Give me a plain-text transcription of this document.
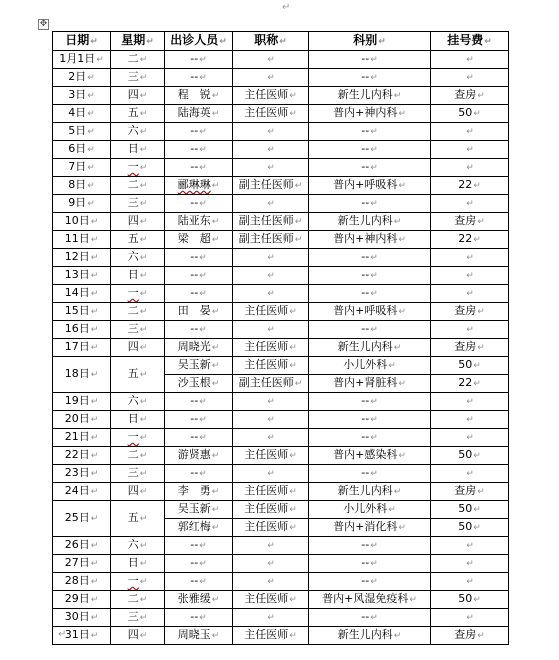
↵
✥
日期↵	星期↵	出诊人员↵	职称↵	科别↵	挂号费↵
1月1日↵	二↵	--↵	↵	--↵	↵
2日↵	三↵	--↵	↵	--↵	↵
3日↵	四↵	程　锐↵	主任医师↵	新生儿内科↵	查房↵
4日↵	五↵	陆海英↵	主任医师↵	普内+神内科↵	50↵
5日↵	六↵	--↵	↵	--↵	↵
6日↵	日↵	--↵	↵	--↵	↵
7日↵	一↵	--↵	↵	--↵	↵
8日↵	二↵	郦琳琳↵	副主任医师↵	普内+呼吸科↵	22↵
9日↵	三↵	--↵	↵	--↵	↵
10日↵	四↵	陆亚东↵	副主任医师↵	新生儿内科↵	查房↵
11日↵	五↵	梁　超↵	副主任医师↵	普内+神内科↵	22↵
12日↵	六↵	--↵	↵	--↵	↵
13日↵	日↵	--↵	↵	--↵	↵
14日↵	一↵	--↵	↵	--↵	↵
15日↵	二↵	田　晏↵	主任医师↵	普内+呼吸科↵	查房↵
16日↵	三↵	--↵	↵	--↵	↵
17日↵	四↵	周晓光↵	主任医师↵	新生儿内科↵	查房↵
18日↵	五↵	吴玉新↵	主任医师↵	小儿外科↵	50↵
		沙玉根↵	副主任医师↵	普内+肾脏科↵	22↵
19日↵	六↵	--↵	↵	--↵	↵
20日↵	日↵	--↵	↵	--↵	↵
21日↵	一↵	--↵	↵	--↵	↵
22日↵	二↵	游贤惠↵	主任医师↵	普内+感染科↵	50↵
23日↵	三↵	--↵	↵	--↵	↵
24日↵	四↵	李　勇↵	主任医师↵	新生儿内科↵	查房↵
25日↵	五↵	吴玉新↵	主任医师↵	小儿外科↵	50↵
		郭红梅↵	主任医师↵	普内+消化科↵	50↵
26日↵	六↵	--↵	↵	--↵	↵
27日↵	日↵	--↵	↵	--↵	↵
28日↵	一↵	--↵	↵	--↵	↵
29日↵	二↵	张雅缓↵	主任医师↵	普内+风湿免疫科↵	50↵
30日↵	三↵	--↵	↵	--↵	↵
31日↵	四↵	周晓玉↵	主任医师↵	新生儿内科↵	查房↵
↵
